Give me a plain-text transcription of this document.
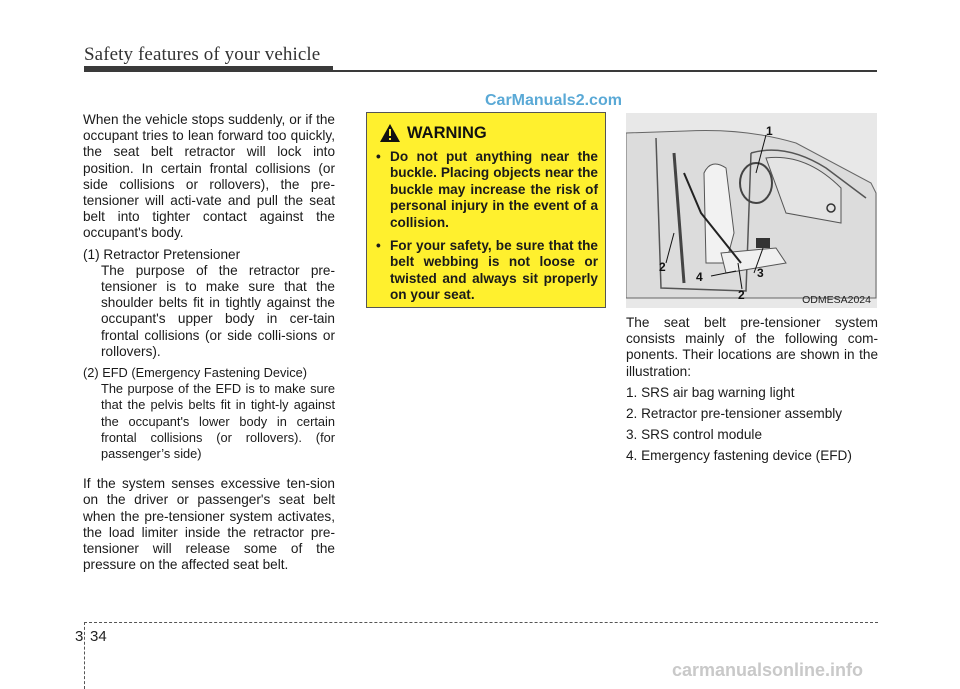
Safety features of your vehicle
CarManuals2.com

When the vehicle stops suddenly, or if the occupant tries to lean forward too quickly, the seat belt retractor will lock into position. In certain frontal collisions (or side collisions or rollovers), the pre-tensioner will acti-vate and pull the seat belt into tighter contact against the occupant's body.

(1) Retractor Pretensioner

The purpose of the retractor pre-tensioner is to make sure that the shoulder belts fit in tightly against the occupant's upper body in cer-tain frontal collisions (or side colli-sions or rollovers).

(2) EFD (Emergency Fastening Device)

The purpose of the EFD is to make sure that the pelvis belts fit in tight-ly against the occupant's lower body in certain frontal collisions (or rollovers). (for passenger’s side)

If the system senses excessive ten-sion on the driver or passenger's seat belt when the pre-tensioner system activates, the load limiter inside the retractor pre-tensioner will release some of the pressure on the affected seat belt.

WARNING
• Do not put anything near the buckle. Placing objects near the buckle may increase the risk of personal injury in the event of a collision.
• For your safety, be sure that the belt webbing is not loose or twisted and always sit properly on your seat.
1
2	3
4
2	ODMESA2024

The seat belt pre-tensioner system consists mainly of the following com-ponents. Their locations are shown in the illustration:

1. SRS air bag warning light

2. Retractor pre-tensioner assembly

3. SRS control module

4. Emergency fastening device (EFD)

3 34
carmanualsonline.info
